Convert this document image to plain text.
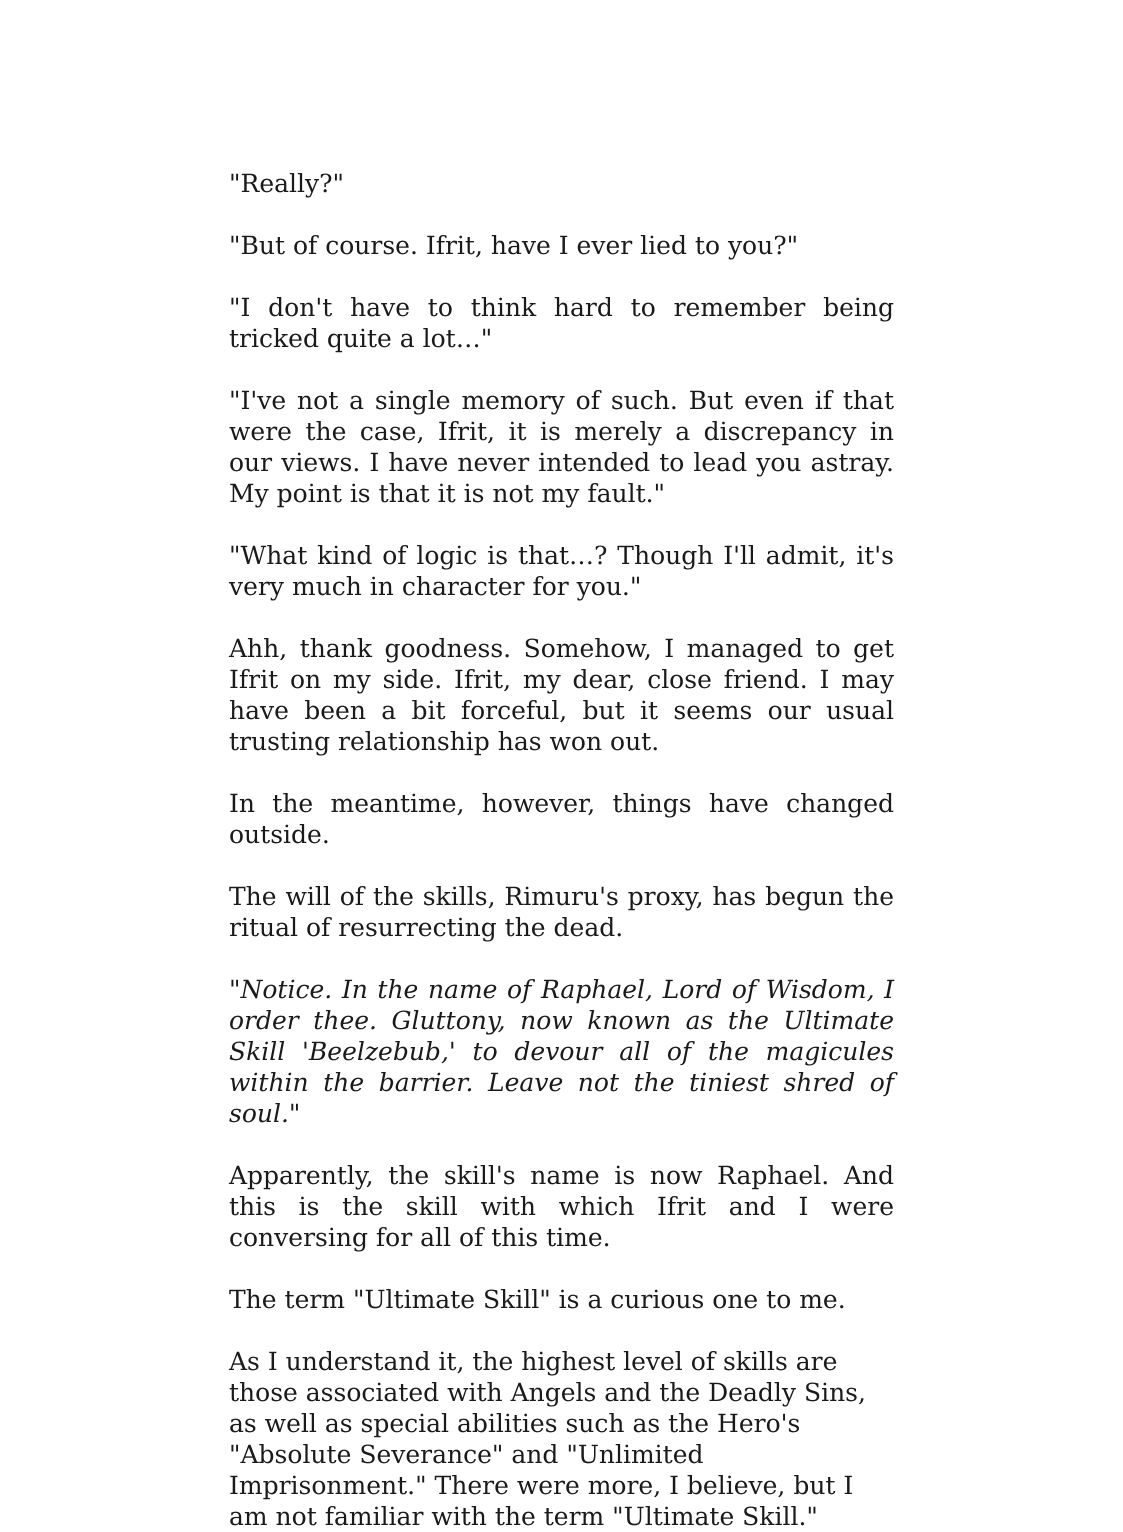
"Really?"

"But of course. Ifrit, have I ever lied to you?"

"I don't have to think hard to remember being tricked quite a lot…"

"I've not a single memory of such. But even if that were the case, Ifrit, it is merely a discrepancy in our views. I have never intended to lead you astray. My point is that it is not my fault."

"What kind of logic is that…? Though I'll admit, it's very much in character for you."

Ahh, thank goodness. Somehow, I managed to get Ifrit on my side. Ifrit, my dear, close friend. I may have been a bit forceful, but it seems our usual trusting relationship has won out.

In the meantime, however, things have changed outside.

The will of the skills, Rimuru's proxy, has begun the ritual of resurrecting the dead.

"Notice. In the name of Raphael, Lord of Wisdom, I order thee. Gluttony, now known as the Ultimate Skill 'Beelzebub,' to devour all of the magicules within the barrier. Leave not the tiniest shred of soul."

Apparently, the skill's name is now Raphael. And this is the skill with which Ifrit and I were conversing for all of this time.

The term "Ultimate Skill" is a curious one to me.

As I understand it, the highest level of skills are those associated with Angels and the Deadly Sins, as well as special abilities such as the Hero's "Absolute Severance" and "Unlimited Imprisonment." There were more, I believe, but I am not familiar with the term "Ultimate Skill."
